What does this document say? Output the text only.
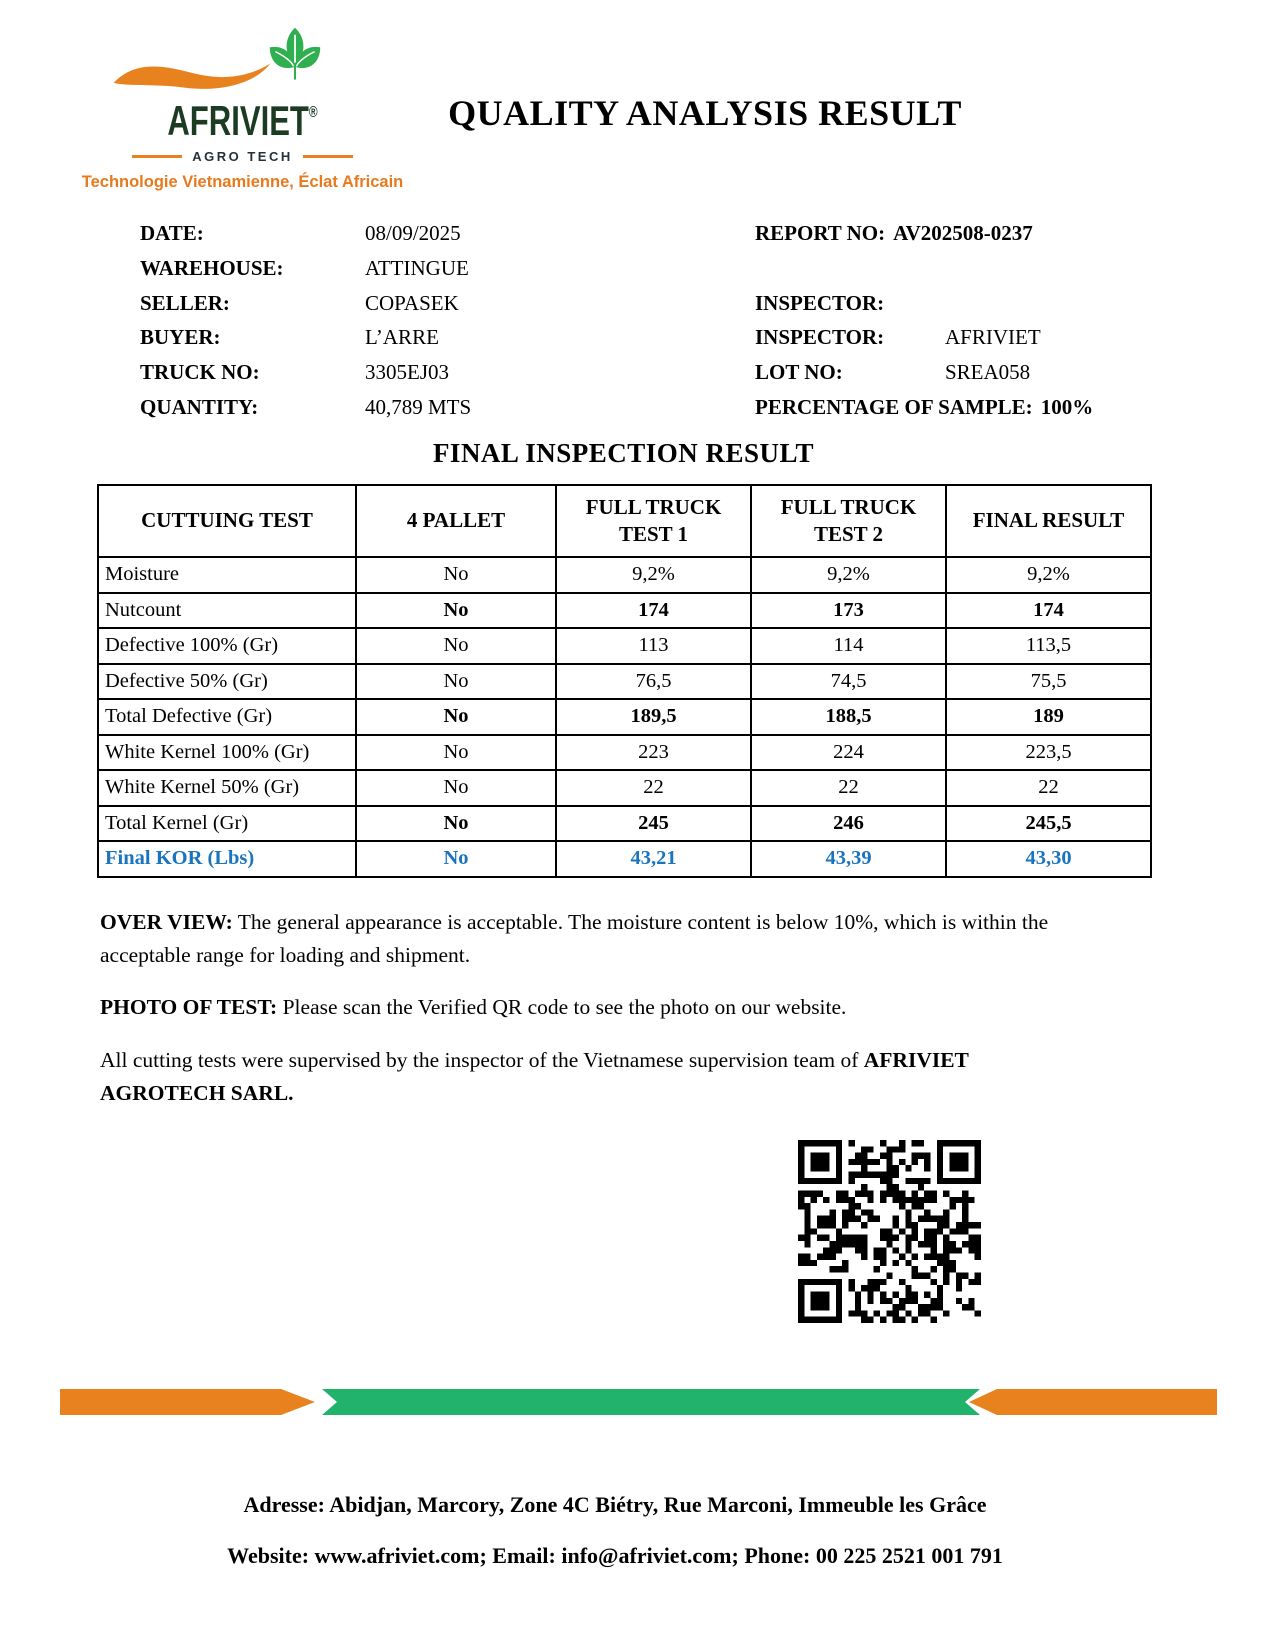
AFRIVIET®
AGRO TECH
Technologie Vietnamienne, Éclat Africain
QUALITY ANALYSIS RESULT
DATE:	08/09/2025
WAREHOUSE:	ATTINGUE
SELLER:	COPASEK
BUYER:	L’ARRE
TRUCK NO:	3305EJ03
QUANTITY:	40,789 MTS
REPORT NO: AV202508-0237
INSPECTOR:
INSPECTOR:	AFRIVIET
LOT NO:	SREA058
PERCENTAGE OF SAMPLE: 100%
FINAL INSPECTION RESULT
CUTTUING TEST	4 PALLET	FULL TRUCK TEST 1	FULL TRUCK TEST 2	FINAL RESULT
Moisture	No	9,2%	9,2%	9,2%
Nutcount	No	174	173	174
Defective 100% (Gr)	No	113	114	113,5
Defective 50% (Gr)	No	76,5	74,5	75,5
Total Defective (Gr)	No	189,5	188,5	189
White Kernel 100% (Gr)	No	223	224	223,5
White Kernel 50% (Gr)	No	22	22	22
Total Kernel (Gr)	No	245	246	245,5
Final KOR (Lbs)	No	43,21	43,39	43,30

OVER VIEW: The general appearance is acceptable. The moisture content is below 10%, which is within the acceptable range for loading and shipment.

PHOTO OF TEST: Please scan the Verified QR code to see the photo on our website.

All cutting tests were supervised by the inspector of the Vietnamese supervision team of AFRIVIET AGROTECH SARL.

Adresse: Abidjan, Marcory, Zone 4C Biétry, Rue Marconi, Immeuble les Grâce
Website: www.afriviet.com; Email: info@afriviet.com; Phone: 00 225 2521 001 791
